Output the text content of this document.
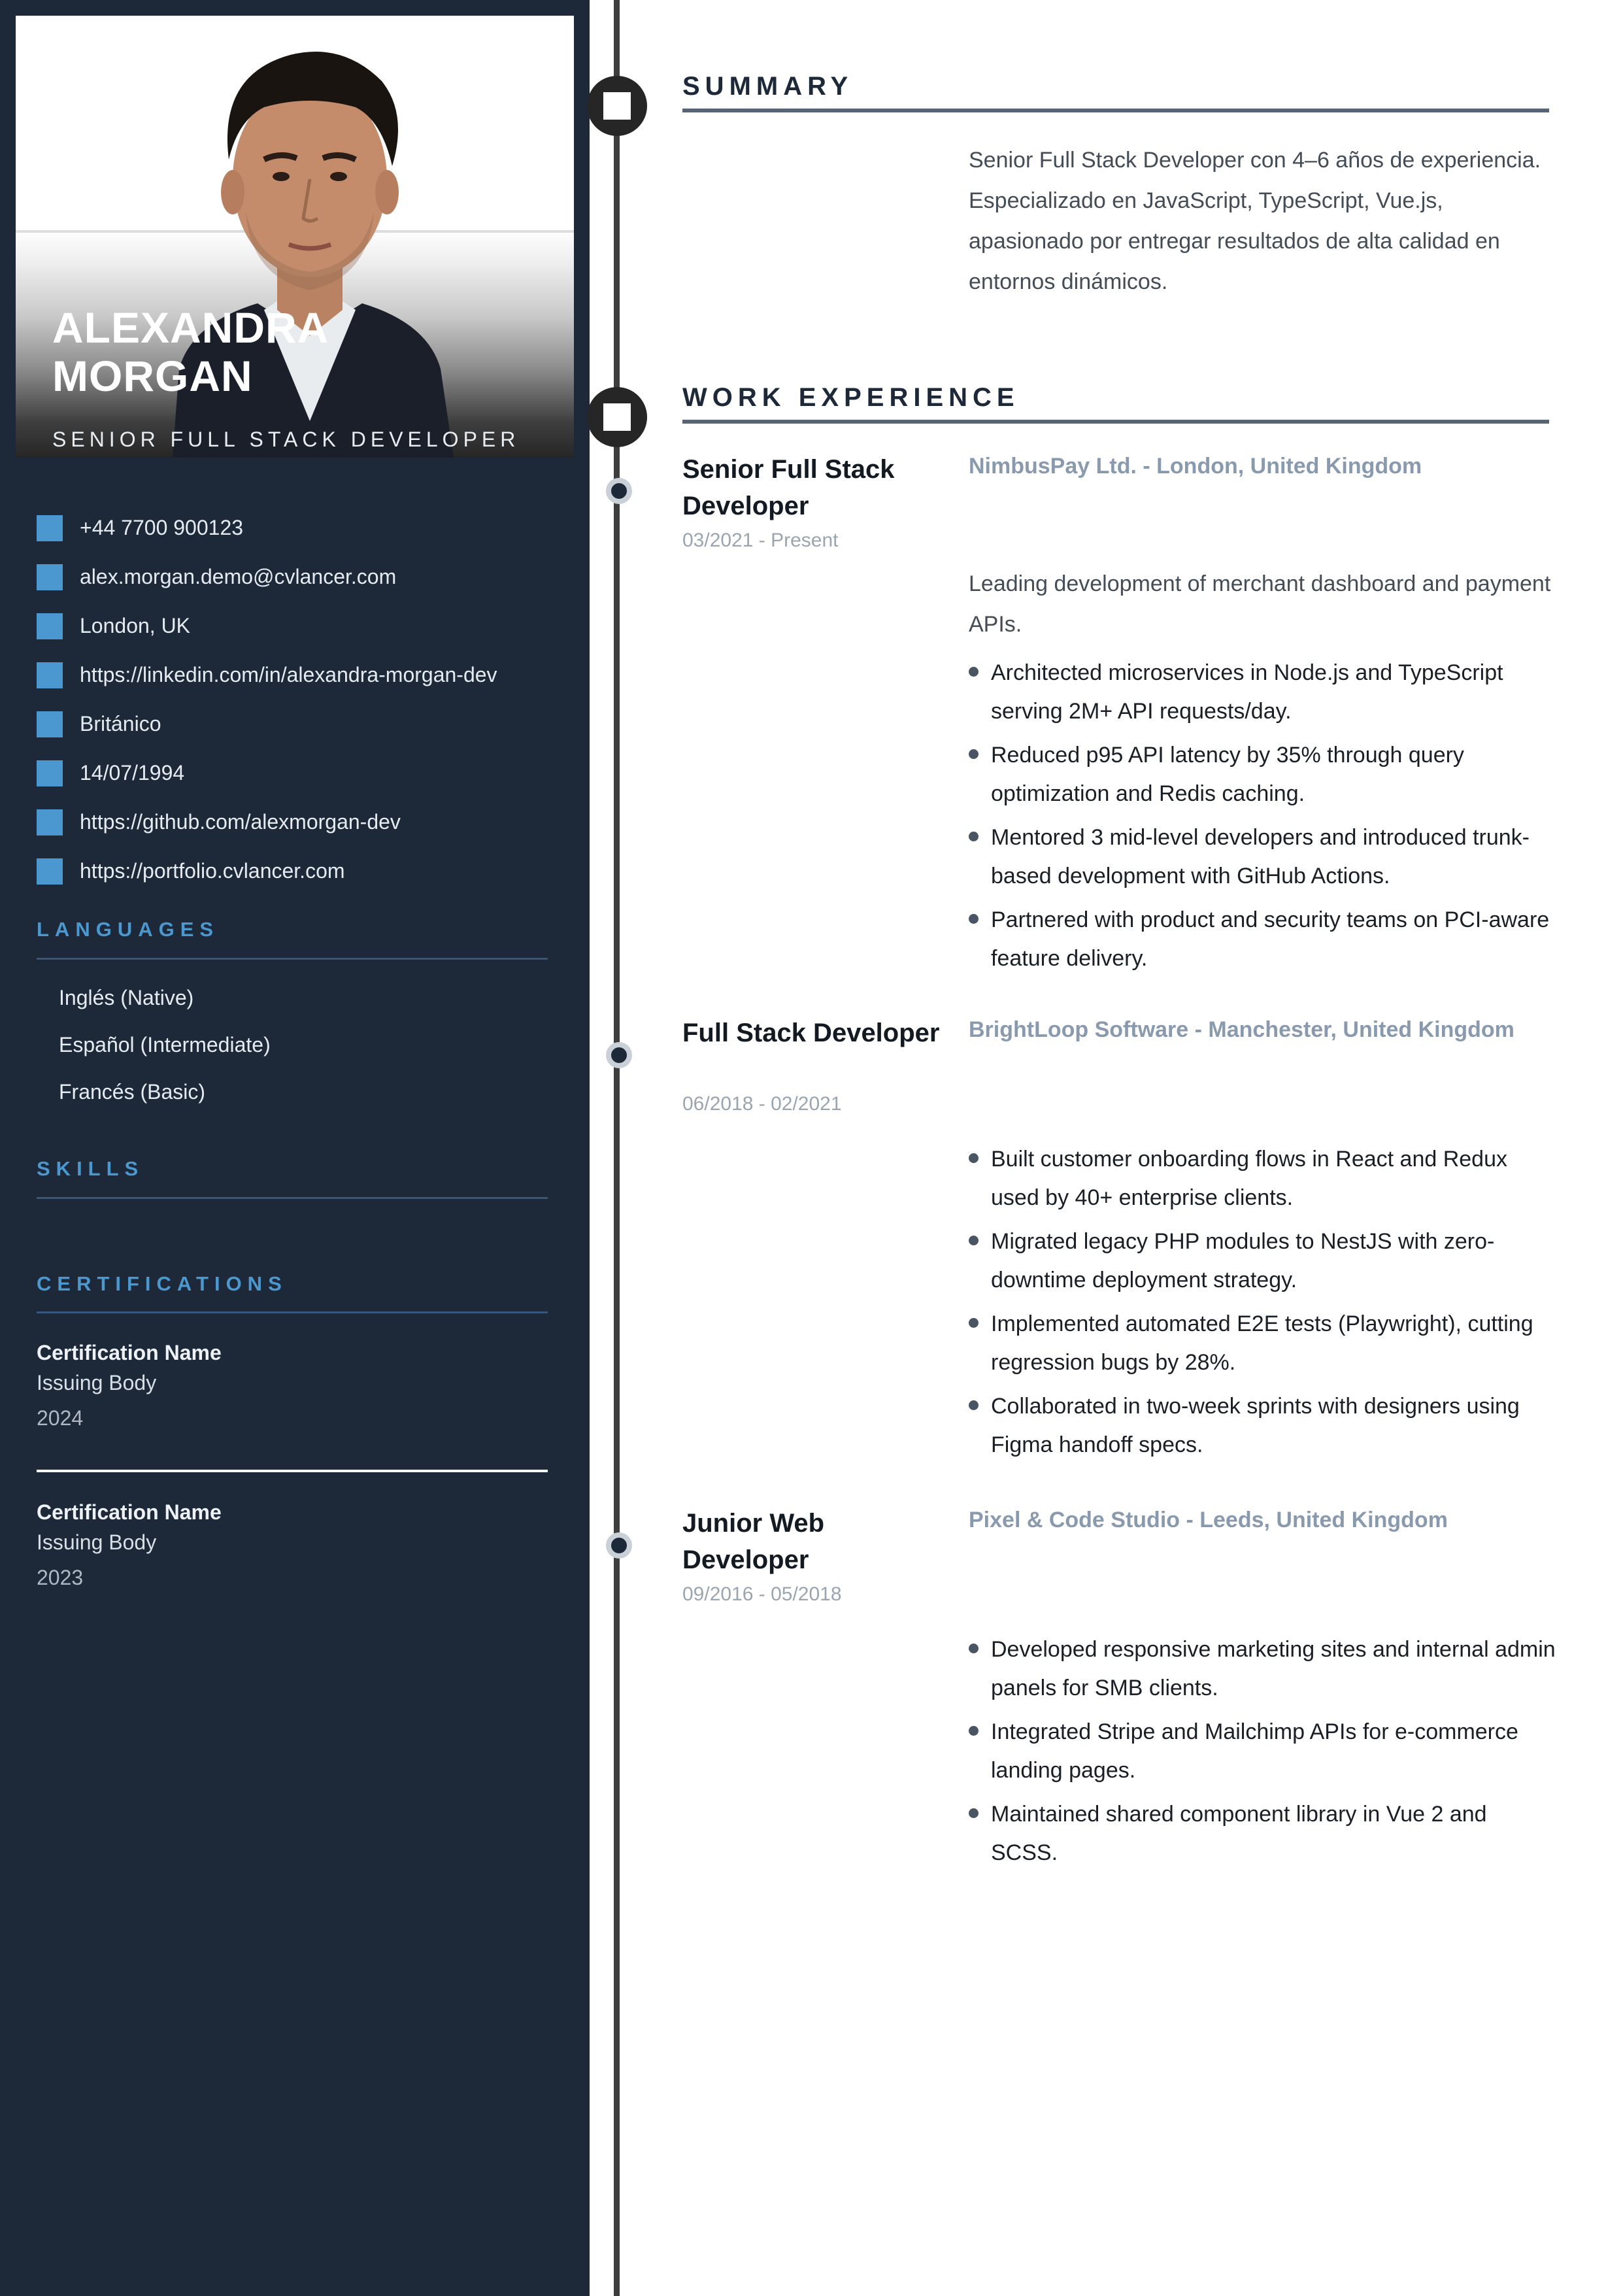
ALEXANDRA
MORGAN
SENIOR FULL STACK DEVELOPER
+44 7700 900123
alex.morgan.demo@cvlancer.com
London, UK
https://linkedin.com/in/alexandra-morgan-dev
Británico
14/07/1994
https://github.com/alexmorgan-dev
https://portfolio.cvlancer.com
LANGUAGES
Inglés (Native)
Español (Intermediate)
Francés (Basic)
SKILLS
CERTIFICATIONS
Certification Name
Issuing Body
2024
Certification Name
Issuing Body
2023
SUMMARY
Senior Full Stack Developer con 4–6 años de experiencia. Especializado en JavaScript, TypeScript, Vue.js, apasionado por entregar resultados de alta calidad en entornos dinámicos.
WORK EXPERIENCE
Senior Full Stack Developer
03/2021 - Present
NimbusPay Ltd. - London, United Kingdom
Leading development of merchant dashboard and payment APIs.
Architected microservices in Node.js and TypeScript serving 2M+ API requests/day.
Reduced p95 API latency by 35% through query optimization and Redis caching.
Mentored 3 mid-level developers and introduced trunk-based development with GitHub Actions.
Partnered with product and security teams on PCI-aware feature delivery.
Full Stack Developer
06/2018 - 02/2021
BrightLoop Software - Manchester, United Kingdom
Built customer onboarding flows in React and Redux used by 40+ enterprise clients.
Migrated legacy PHP modules to NestJS with zero-downtime deployment strategy.
Implemented automated E2E tests (Playwright), cutting regression bugs by 28%.
Collaborated in two-week sprints with designers using Figma handoff specs.
Junior Web Developer
09/2016 - 05/2018
Pixel & Code Studio - Leeds, United Kingdom
Developed responsive marketing sites and internal admin panels for SMB clients.
Integrated Stripe and Mailchimp APIs for e-commerce landing pages.
Maintained shared component library in Vue 2 and SCSS.
